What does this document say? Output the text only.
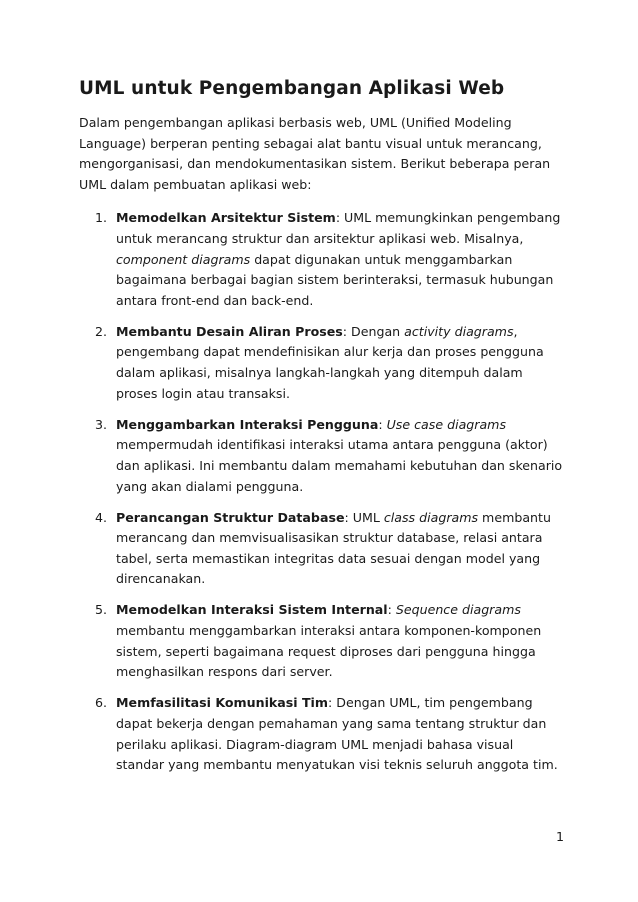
UML untuk Pengembangan Aplikasi Web

Dalam pengembangan aplikasi berbasis web, UML (Unified Modeling Language) berperan penting sebagai alat bantu visual untuk merancang, mengorganisasi, dan mendokumentasikan sistem. Berikut beberapa peran UML dalam pembuatan aplikasi web:

1. Memodelkan Arsitektur Sistem: UML memungkinkan pengembang untuk merancang struktur dan arsitektur aplikasi web. Misalnya, component diagrams dapat digunakan untuk menggambarkan bagaimana berbagai bagian sistem berinteraksi, termasuk hubungan antara front-end dan back-end.
2. Membantu Desain Aliran Proses: Dengan activity diagrams, pengembang dapat mendefinisikan alur kerja dan proses pengguna dalam aplikasi, misalnya langkah-langkah yang ditempuh dalam proses login atau transaksi.
3. Menggambarkan Interaksi Pengguna: Use case diagrams mempermudah identifikasi interaksi utama antara pengguna (aktor) dan aplikasi. Ini membantu dalam memahami kebutuhan dan skenario yang akan dialami pengguna.
4. Perancangan Struktur Database: UML class diagrams membantu merancang dan memvisualisasikan struktur database, relasi antara tabel, serta memastikan integritas data sesuai dengan model yang direncanakan.
5. Memodelkan Interaksi Sistem Internal: Sequence diagrams membantu menggambarkan interaksi antara komponen-komponen sistem, seperti bagaimana request diproses dari pengguna hingga menghasilkan respons dari server.
6. Memfasilitasi Komunikasi Tim: Dengan UML, tim pengembang dapat bekerja dengan pemahaman yang sama tentang struktur dan perilaku aplikasi. Diagram-diagram UML menjadi bahasa visual standar yang membantu menyatukan visi teknis seluruh anggota tim.
1
